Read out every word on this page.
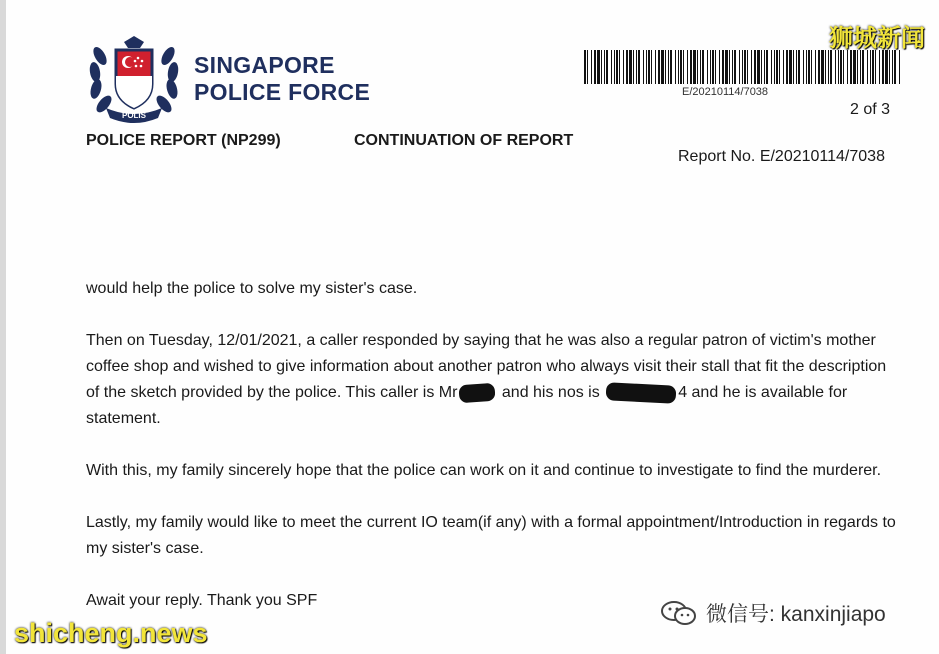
POLIS
SINGAPORE
POLICE FORCE	E/20210114/7038
2 of 3
POLICE REPORT (NP299)	CONTINUATION OF REPORT
Report No. E/20210114/7038

would help the police to solve my sister's case.

Then on Tuesday, 12/01/2021, a caller responded by saying that he was also a regular patron of victim's mother coffee shop and wished to give information about another patron who always visit their stall that fit the description of the sketch provided by the police. This caller is Mr	and his nos is	4 and he is available for statement.

With this, my family sincerely hope that the police can work on it and continue to investigate to find the murderer.

Lastly, my family would like to meet the current IO team(if any) with a formal appointment/Introduction in regards to my sister's case.

Await your reply. Thank you SPF

狮城新闻
shicheng.news
微信号: kanxinjiapo
